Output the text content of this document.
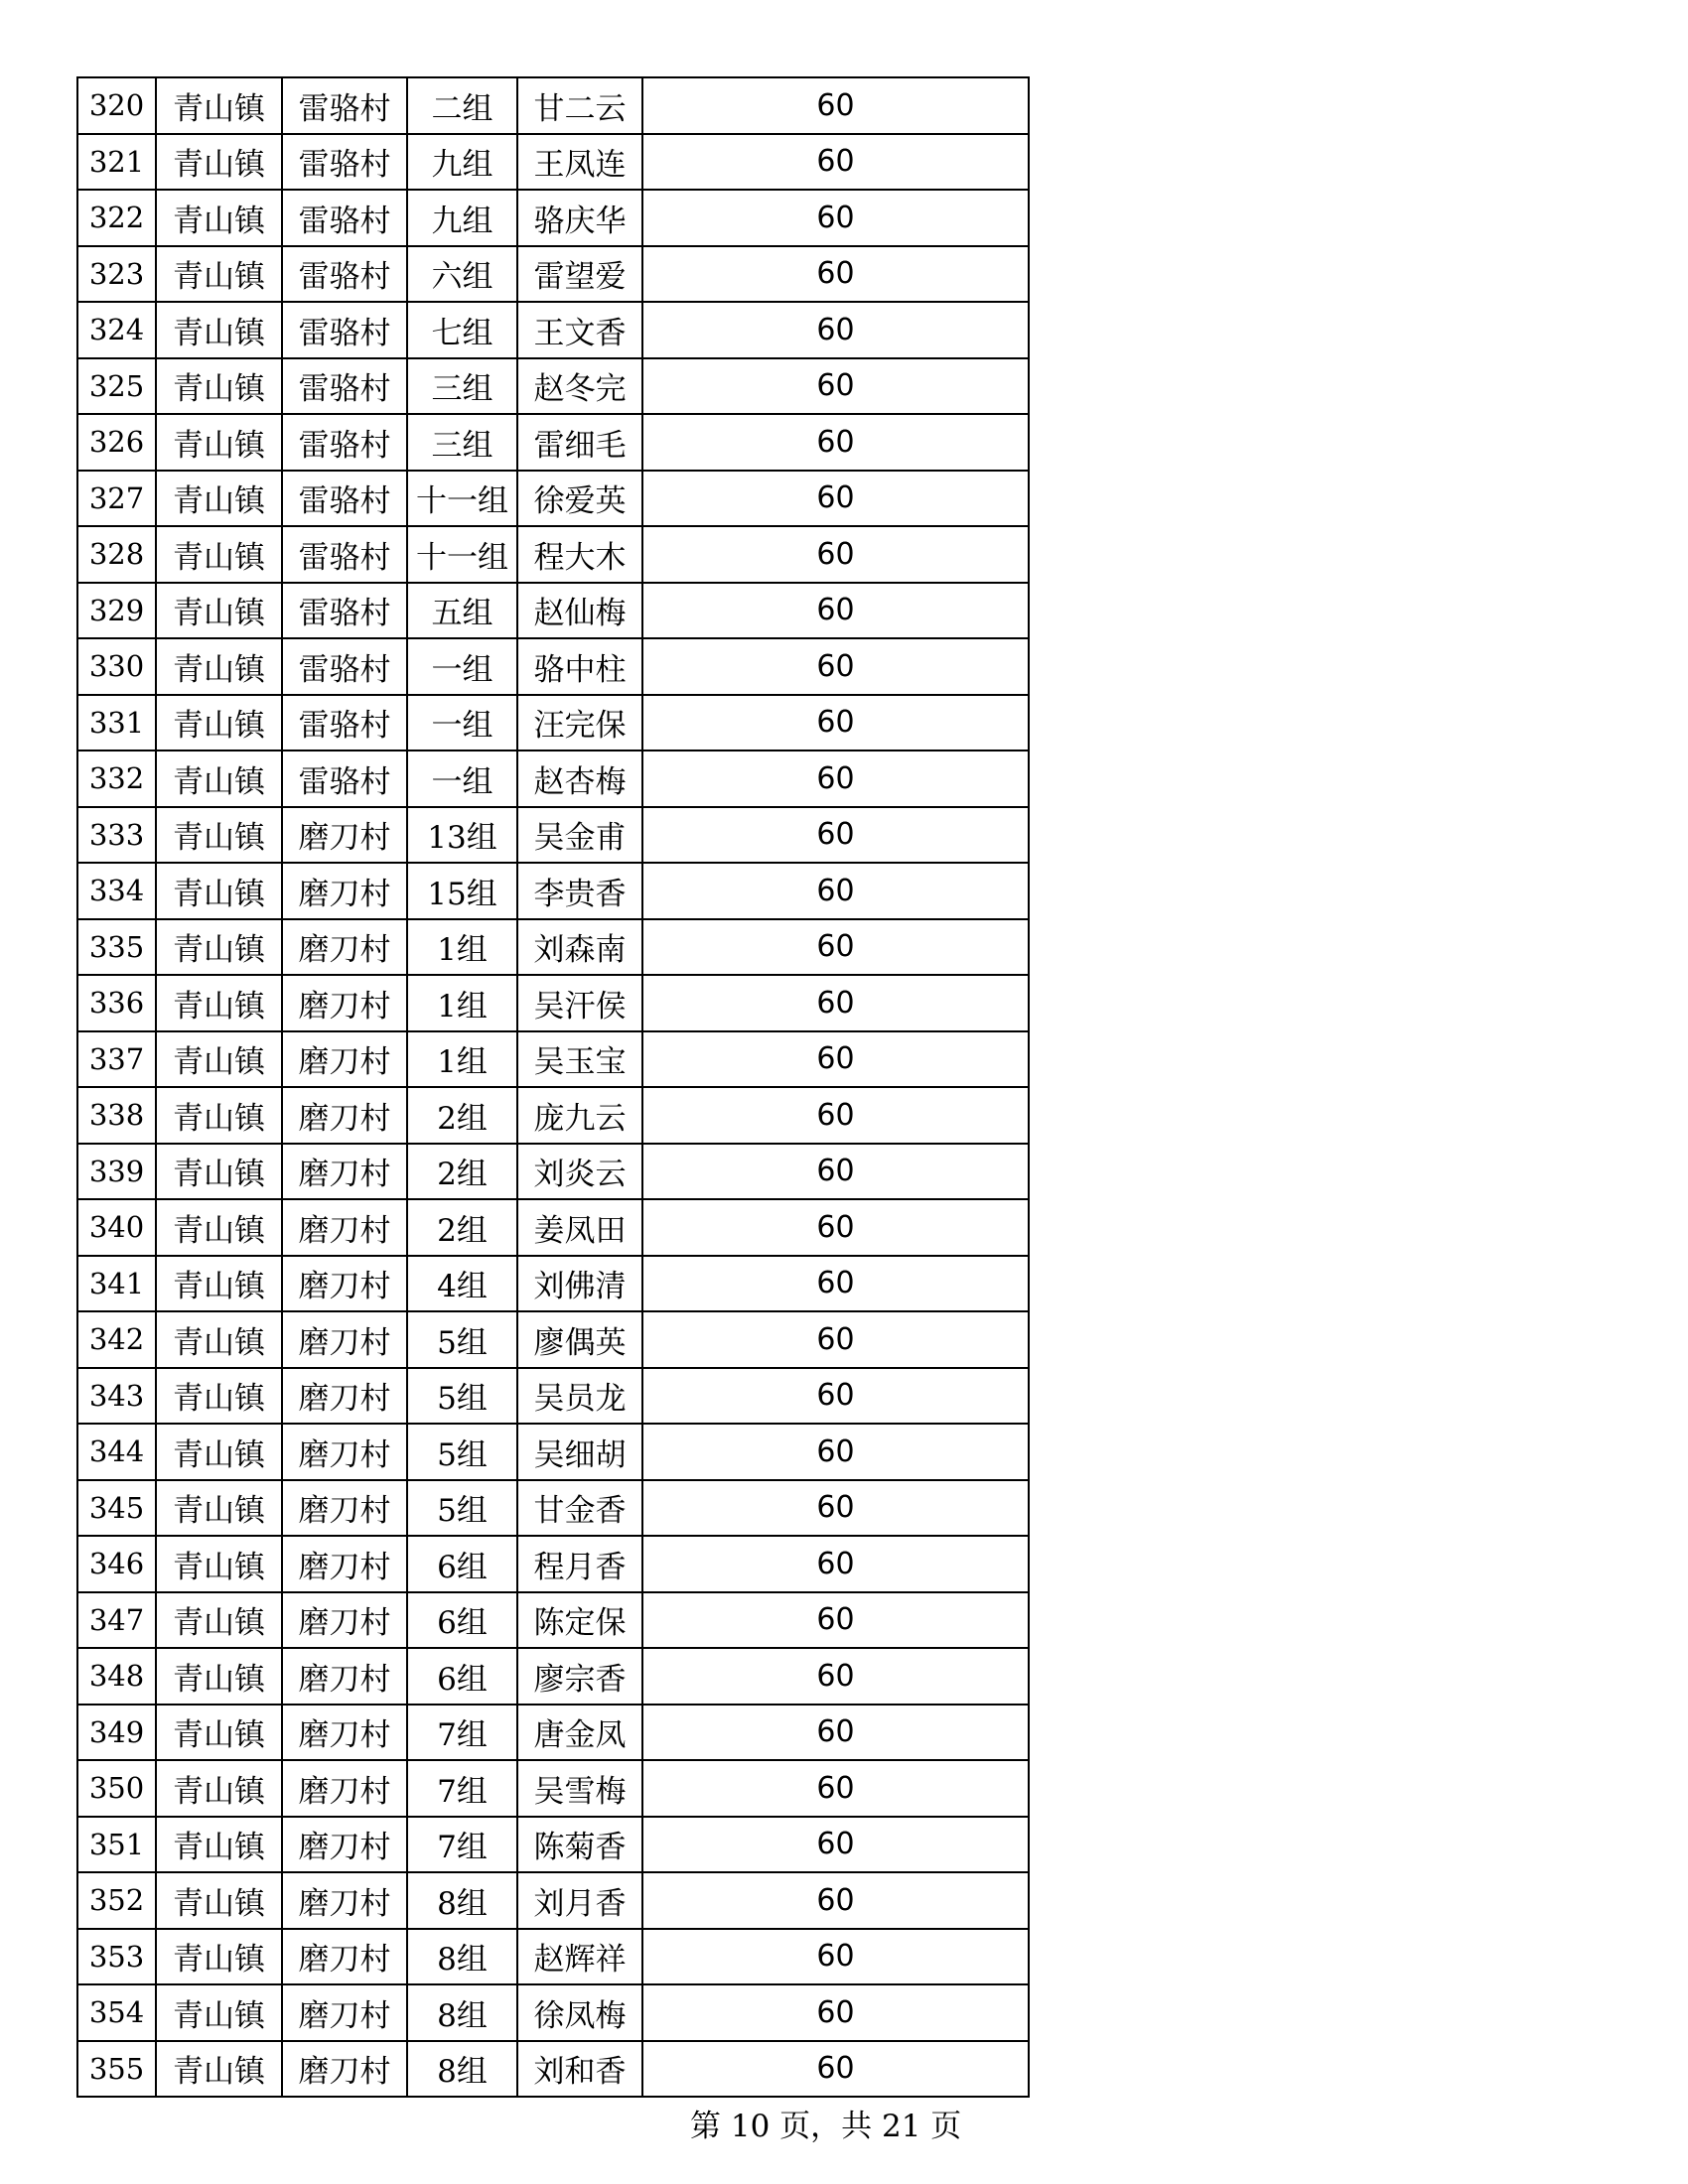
320	青山镇	雷骆村	二组	甘二云	60
321	青山镇	雷骆村	九组	王凤连	60
322	青山镇	雷骆村	九组	骆庆华	60
323	青山镇	雷骆村	六组	雷望爱	60
324	青山镇	雷骆村	七组	王文香	60
325	青山镇	雷骆村	三组	赵冬完	60
326	青山镇	雷骆村	三组	雷细毛	60
327	青山镇	雷骆村	十一组	徐爱英	60
328	青山镇	雷骆村	十一组	程大木	60
329	青山镇	雷骆村	五组	赵仙梅	60
330	青山镇	雷骆村	一组	骆中柱	60
331	青山镇	雷骆村	一组	汪完保	60
332	青山镇	雷骆村	一组	赵杏梅	60
333	青山镇	磨刀村	13组	吴金甫	60
334	青山镇	磨刀村	15组	李贵香	60
335	青山镇	磨刀村	1组	刘森南	60
336	青山镇	磨刀村	1组	吴汗侯	60
337	青山镇	磨刀村	1组	吴玉宝	60
338	青山镇	磨刀村	2组	庞九云	60
339	青山镇	磨刀村	2组	刘炎云	60
340	青山镇	磨刀村	2组	姜凤田	60
341	青山镇	磨刀村	4组	刘佛清	60
342	青山镇	磨刀村	5组	廖偶英	60
343	青山镇	磨刀村	5组	吴员龙	60
344	青山镇	磨刀村	5组	吴细胡	60
345	青山镇	磨刀村	5组	甘金香	60
346	青山镇	磨刀村	6组	程月香	60
347	青山镇	磨刀村	6组	陈定保	60
348	青山镇	磨刀村	6组	廖宗香	60
349	青山镇	磨刀村	7组	唐金凤	60
350	青山镇	磨刀村	7组	吴雪梅	60
351	青山镇	磨刀村	7组	陈菊香	60
352	青山镇	磨刀村	8组	刘月香	60
353	青山镇	磨刀村	8组	赵辉祥	60
354	青山镇	磨刀村	8组	徐凤梅	60
355	青山镇	磨刀村	8组	刘和香	60
第 10 页，共 21 页
